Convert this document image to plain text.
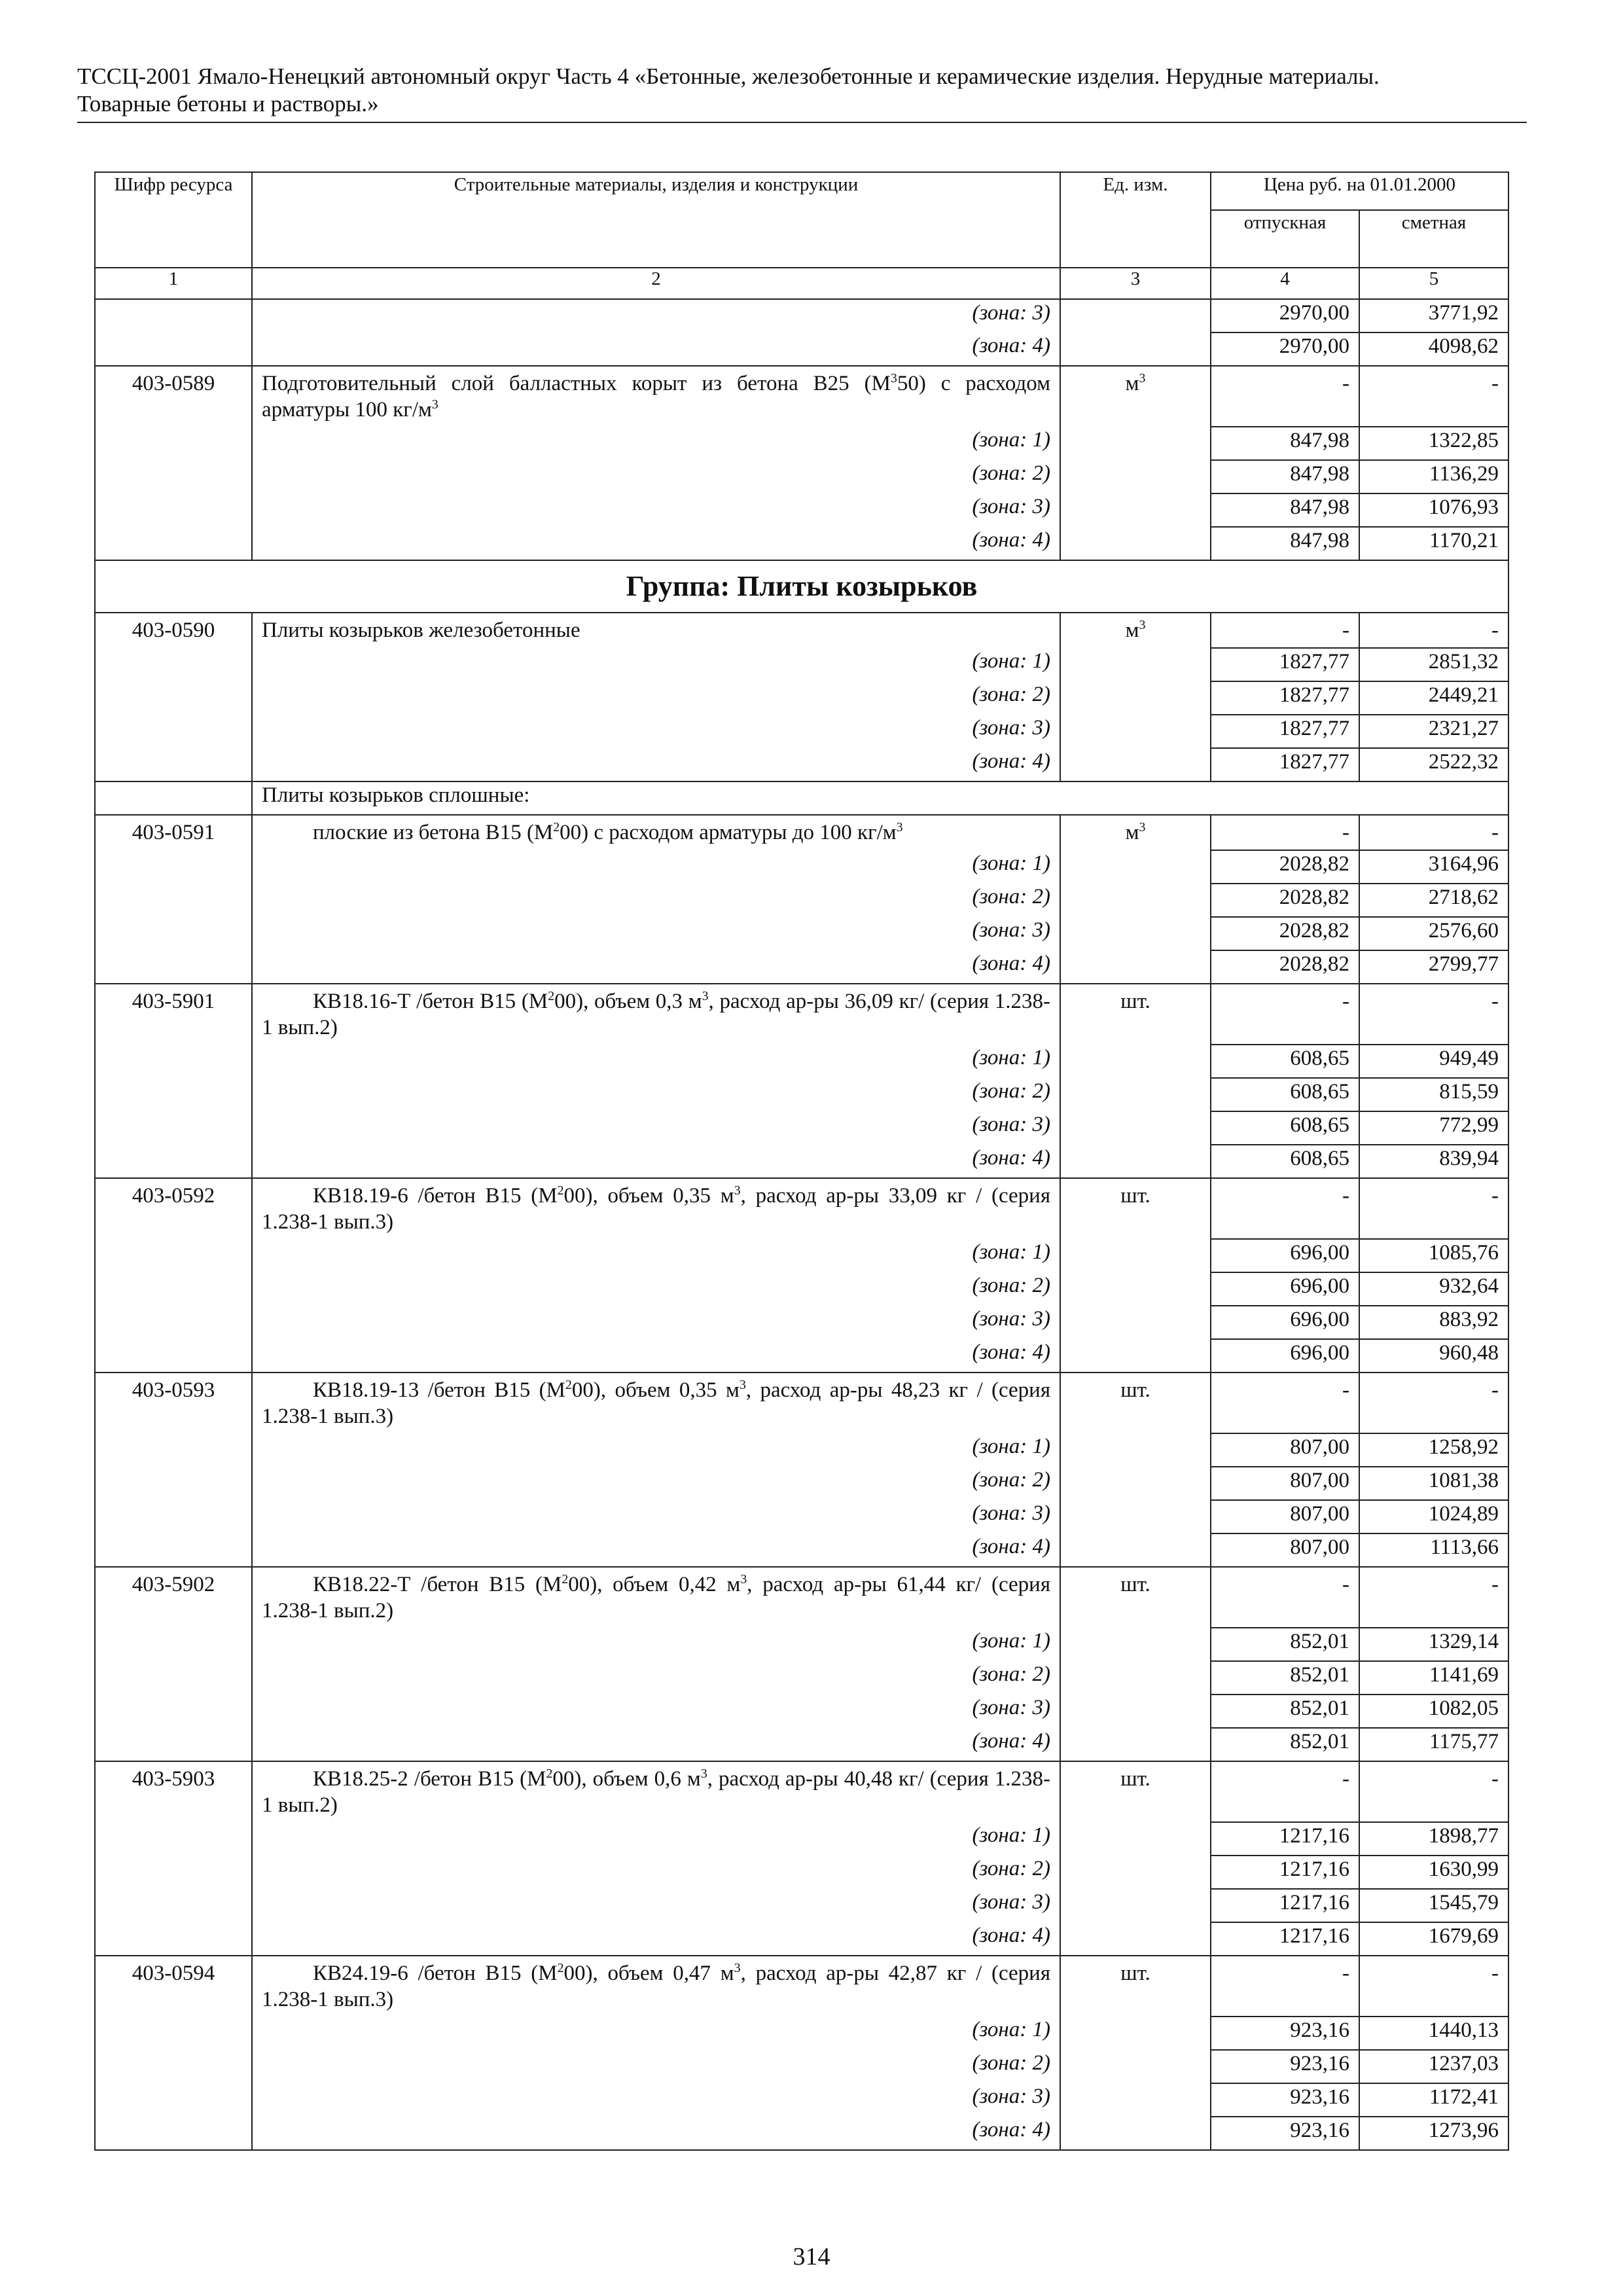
ТССЦ-2001 Ямало-Ненецкий автономный округ Часть 4 «Бетонные, железобетонные и керамические изделия. Нерудные материалы.
Товарные бетоны и растворы.»
Шифр ресурса	Строительные материалы, изделия и конструкции	Ед. изм.	Цена руб. на 01.01.2000	
			отпускная	сметная
1	2	3	4	5
	(зона: 3)		2970,00	3771,92
	(зона: 4)		2970,00	4098,62
403-0589	Подготовительный слой балластных корыт из бетона В25 $(М^350)$ с расходом арматуры 100 $кг/м^3$	$м^3$	-	-
	(зона: 1)		847,98	1322,85
	(зона: 2)		847,98	1136,29
	(зона: 3)		847,98	1076,93
	(зона: 4)		847,98	1170,21
Группа: Плиты козырьков				
403-0590	Плиты козырьков железобетонные	$м^3$	-	-
	(зона: 1)		1827,77	2851,32
	(зона: 2)		1827,77	2449,21
	(зона: 3)		1827,77	2321,27
	(зона: 4)		1827,77	2522,32
	Плиты козырьков сплошные:			
403-0591	плоские из бетона В15 $(М^200)$ с расходом арматуры до 100 $кг/м^3$	$м^3$	-	-
	(зона: 1)		2028,82	3164,96
	(зона: 2)		2028,82	2718,62
	(зона: 3)		2028,82	2576,60
	(зона: 4)		2028,82	2799,77
403-5901	КВ18.16-Т /бетон В15 $(М^200)$, объем 0,3 $м^3$, расход ар-ры 36,09 кг/ (серия 1.238-1 вып.2)	шт.	-	-
	(зона: 1)		608,65	949,49
	(зона: 2)		608,65	815,59
	(зона: 3)		608,65	772,99
	(зона: 4)		608,65	839,94
403-0592	КВ18.19-6 /бетон В15 $(М^200)$, объем 0,35 $м^3$, расход ар-ры 33,09 кг / (серия 1.238-1 вып.3)	шт.	-	-
	(зона: 1)		696,00	1085,76
	(зона: 2)		696,00	932,64
	(зона: 3)		696,00	883,92
	(зона: 4)		696,00	960,48
403-0593	КВ18.19-13 /бетон В15 $(М^200)$, объем 0,35 $м^3$, расход ар-ры 48,23 кг / (серия 1.238-1 вып.3)	шт.	-	-
	(зона: 1)		807,00	1258,92
	(зона: 2)		807,00	1081,38
	(зона: 3)		807,00	1024,89
	(зона: 4)		807,00	1113,66
403-5902	КВ18.22-Т /бетон В15 $(М^200)$, объем 0,42 $м^3$, расход ар-ры 61,44 кг/ (серия 1.238-1 вып.2)	шт.	-	-
	(зона: 1)		852,01	1329,14
	(зона: 2)		852,01	1141,69
	(зона: 3)		852,01	1082,05
	(зона: 4)		852,01	1175,77
403-5903	КВ18.25-2 /бетон В15 $(М^200)$, объем 0,6 $м^3$, расход ар-ры 40,48 кг/ (серия 1.238-1 вып.2)	шт.	-	-
	(зона: 1)		1217,16	1898,77
	(зона: 2)		1217,16	1630,99
	(зона: 3)		1217,16	1545,79
	(зона: 4)		1217,16	1679,69
403-0594	КВ24.19-6 /бетон В15 $(М^200)$, объем 0,47 $м^3$, расход ар-ры 42,87 кг / (серия 1.238-1 вып.3)	шт.	-	-
	(зона: 1)		923,16	1440,13
	(зона: 2)		923,16	1237,03
	(зона: 3)		923,16	1172,41
	(зона: 4)		923,16	1273,96
314
